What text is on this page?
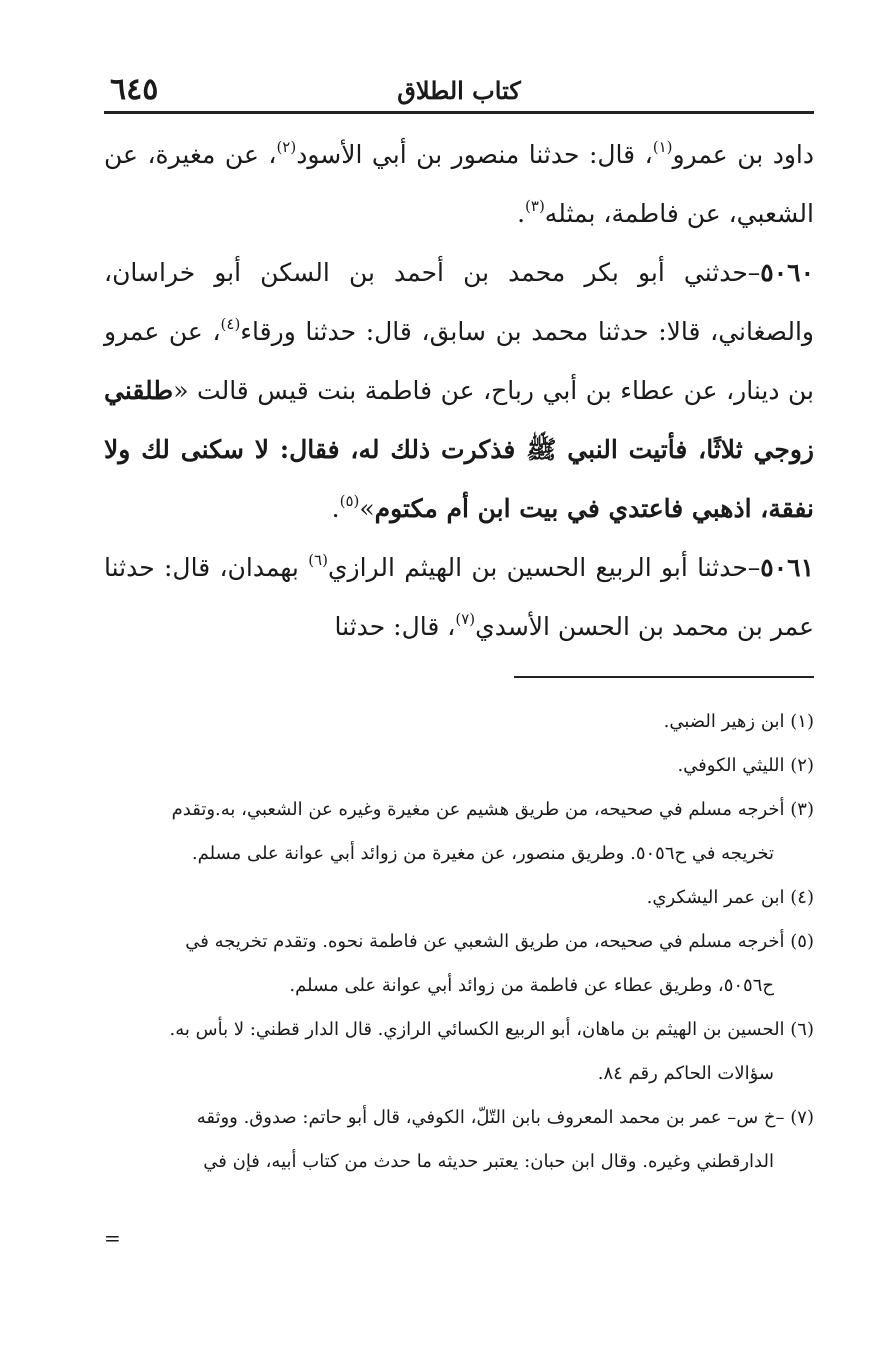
٦٤٥	كتاب الطلاق

داود بن عمرو$^{(١)}$، قال: حدثنا منصور بن أبي الأسود$^{(٢)}$، عن مغيرة، عن الشعبي، عن فاطمة، بمثله$^{(٣)}$.

٥٠٦٠–حدثني أبو بكر محمد بن أحمد بن السكن أبو خراسان، والصغاني، قالا: حدثنا محمد بن سابق، قال: حدثنا ورقاء$^{(٤)}$، عن عمرو بن دينار، عن عطاء بن أبي رباح، عن فاطمة بنت قيس قالت «طلقني زوجي ثلاثًا، فأتيت النبي ﷺ فذكرت ذلك له، فقال: لا سكنى لك ولا نفقة، اذهبي فاعتدي في بيت ابن أم مكتوم»$^{(٥)}$.

٥٠٦١–حدثنا أبو الربيع الحسين بن الهيثم الرازي$^{(٦)}$ بهمدان، قال: حدثنا عمر بن محمد بن الحسن الأسدي$^{(٧)}$، قال: حدثنا

(١) ابن زهير الضبي.
(٢) الليثي الكوفي.
(٣) أخرجه مسلم في صحيحه، من طريق هشيم عن مغيرة وغيره عن الشعبي، به.وتقدم
تخريجه في ح٥٠٥٦. وطريق منصور، عن مغيرة من زوائد أبي عوانة على مسلم.
(٤) ابن عمر اليشكري.
(٥) أخرجه مسلم في صحيحه، من طريق الشعبي عن فاطمة نحوه. وتقدم تخريجه في
ح٥٠٥٦، وطريق عطاء عن فاطمة من زوائد أبي عوانة على مسلم.
(٦) الحسين بن الهيثم بن ماهان، أبو الربيع الكسائي الرازي. قال الدار قطني: لا بأس به.
سؤالات الحاكم رقم ٨٤.
(٧) –خ س– عمر بن محمد المعروف بابن التّلّ، الكوفي، قال أبو حاتم: صدوق. ووثقه
الدارقطني وغيره. وقال ابن حبان: يعتبر حديثه ما حدث من كتاب أبيه، فإن في
=
